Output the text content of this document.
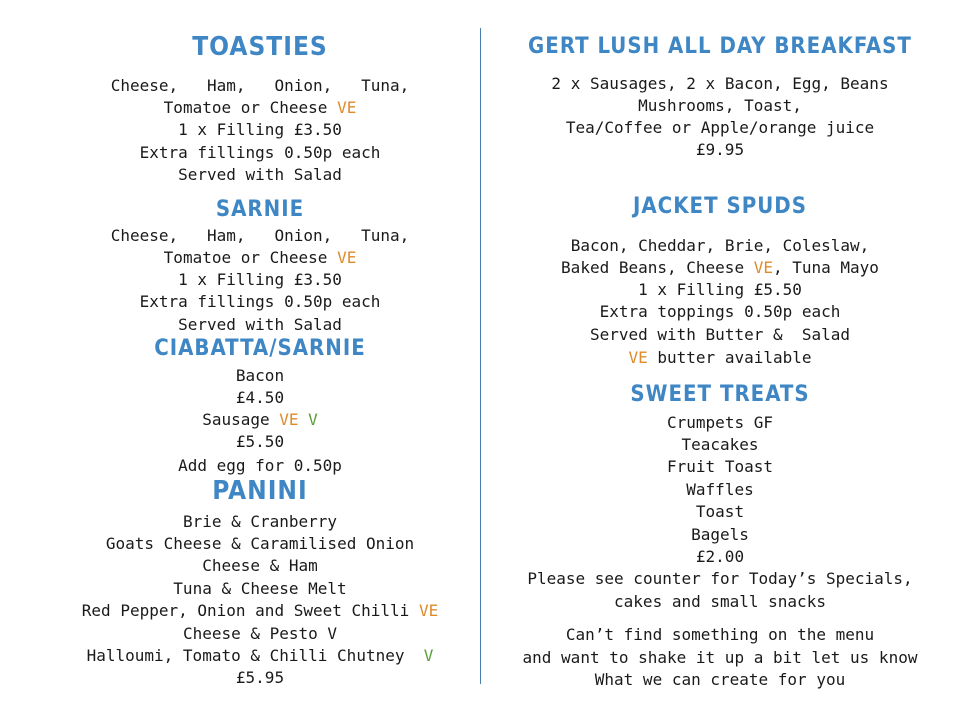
TOASTIES
Cheese,   Ham,   Onion,   Tuna,
Tomatoe or Cheese VE
1 x Filling £3.50
Extra fillings 0.50p each
Served with Salad
SARNIE
Cheese,   Ham,   Onion,   Tuna,
Tomatoe or Cheese VE
1 x Filling £3.50
Extra fillings 0.50p each
Served with Salad
CIABATTA/SARNIE
Bacon
£4.50
Sausage VE V
£5.50
Add egg for 0.50p
PANINI
Brie & Cranberry
Goats Cheese & Caramilised Onion
Cheese & Ham
Tuna & Cheese Melt
Red Pepper, Onion and Sweet Chilli VE
Cheese & Pesto V
Halloumi, Tomato & Chilli Chutney  V
£5.95
GERT LUSH ALL DAY BREAKFAST
2 x Sausages, 2 x Bacon, Egg, Beans
Mushrooms, Toast,
Tea/Coffee or Apple/orange juice
£9.95
JACKET SPUDS
Bacon, Cheddar, Brie, Coleslaw,
Baked Beans, Cheese VE, Tuna Mayo
1 x Filling £5.50
Extra toppings 0.50p each
Served with Butter &  Salad
VE butter available
SWEET TREATS
Crumpets GF
Teacakes
Fruit Toast
Waffles
Toast
Bagels
£2.00
Please see counter for Today’s Specials,
cakes and small snacks
Can’t find something on the menu
and want to shake it up a bit let us know
What we can create for you
